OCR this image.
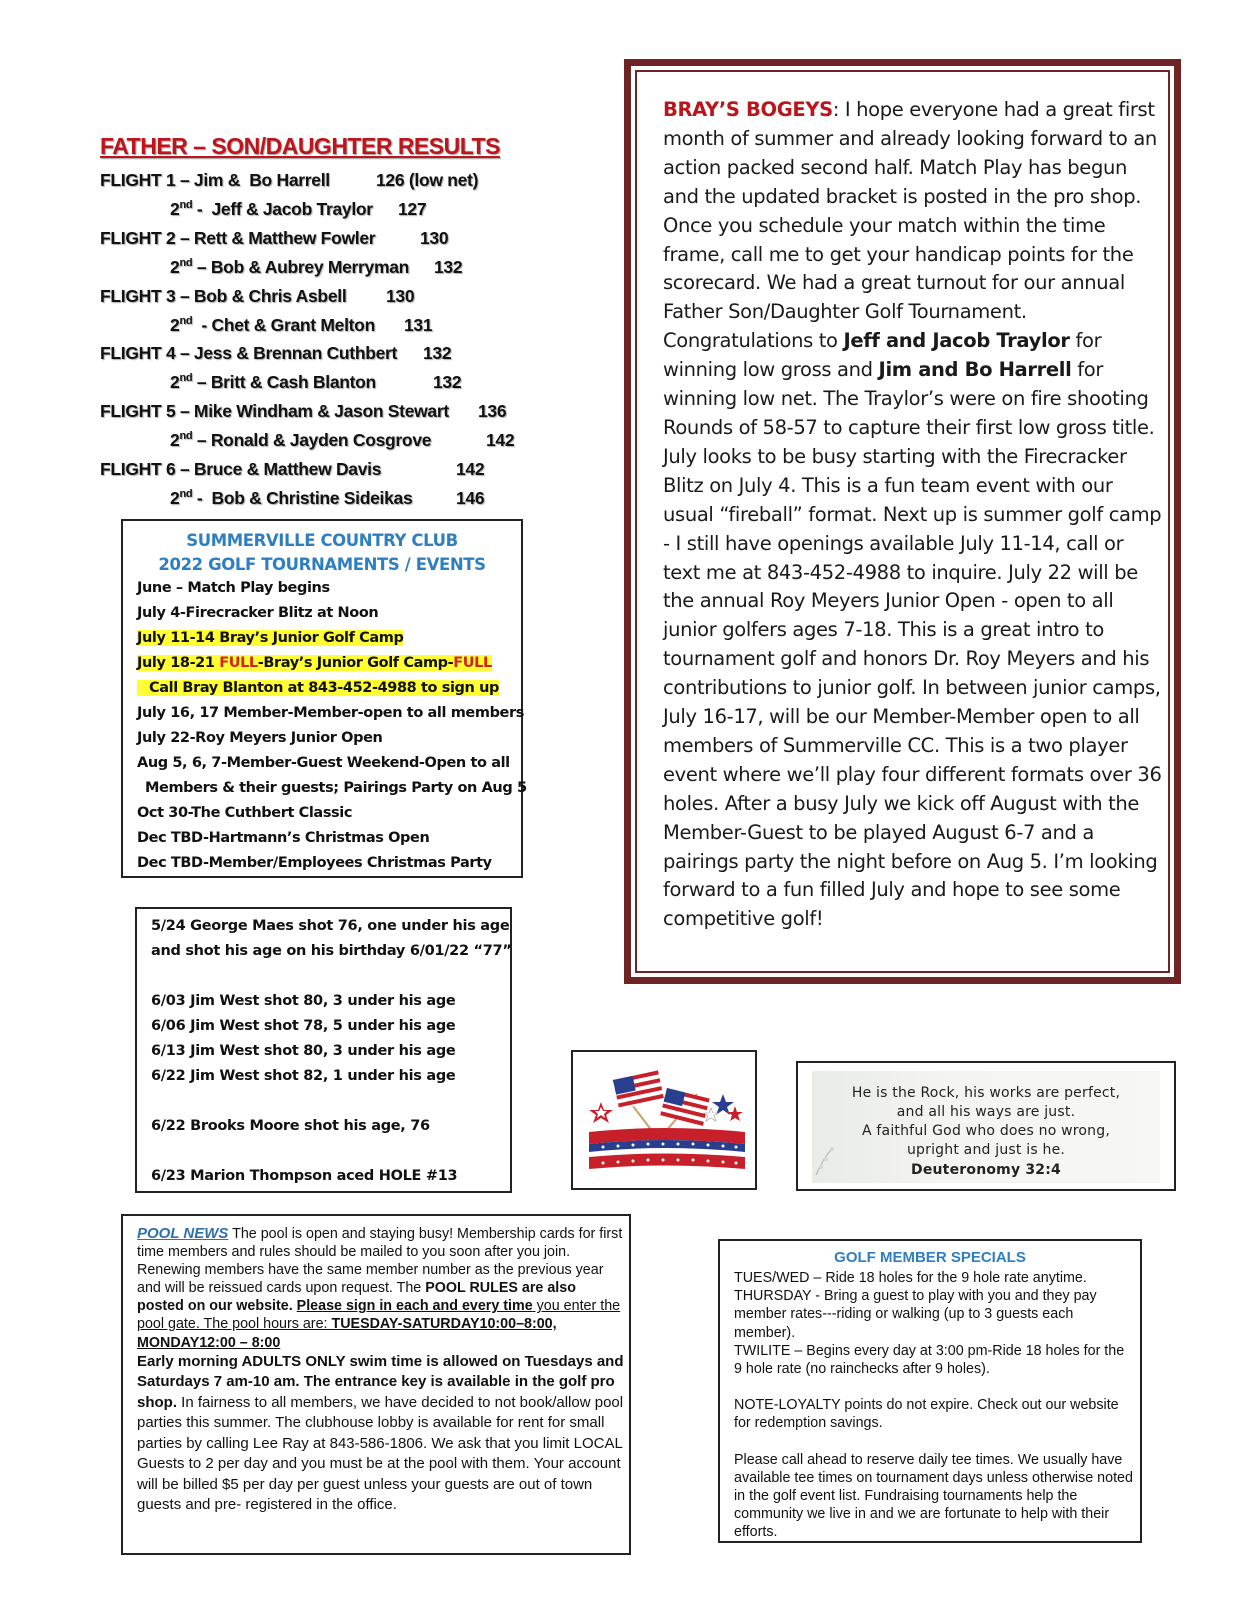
FATHER – SON/DAUGHTER RESULTS
FLIGHT 1 – Jim &  Bo Harrell	126 (low net)
2nd -  Jeff & Jacob Traylor 127
FLIGHT 2 – Rett & Matthew Fowler	130
2nd – Bob & Aubrey Merryman 132
FLIGHT 3 – Bob & Chris Asbell 130
2nd  - Chet & Grant Melton 131
FLIGHT 4 – Jess & Brennan Cuthbert 132
2nd – Britt & Cash Blanton	132
FLIGHT 5 – Mike Windham & Jason Stewart 136
2nd – Ronald & Jayden Cosgrove	142
FLIGHT 6 – Bruce & Matthew Davis	142
2nd -  Bob & Christine Sideikas 146
SUMMERVILLE COUNTRY CLUB
2022 GOLF TOURNAMENTS / EVENTS
June – Match Play begins
July 4-Firecracker Blitz at Noon
July 11-14 Bray’s Junior Golf Camp
July 18-21 FULL-Bray’s Junior Golf Camp-FULL
Call Bray Blanton at 843-452-4988 to sign up
July 16, 17 Member-Member-open to all members
July 22-Roy Meyers Junior Open
Aug 5, 6, 7-Member-Guest Weekend-Open to all
Members & their guests; Pairings Party on Aug 5
Oct 30-The Cuthbert Classic
Dec TBD-Hartmann’s Christmas Open
Dec TBD-Member/Employees Christmas Party
5/24 George Maes shot 76, one under his age
and shot his age on his birthday 6/01/22 “77”
6/03 Jim West shot 80, 3 under his age
6/06 Jim West shot 78, 5 under his age
6/13 Jim West shot 80, 3 under his age
6/22 Jim West shot 82, 1 under his age
6/22 Brooks Moore shot his age, 76
6/23 Marion Thompson aced HOLE #13
BRAY’S BOGEYS: I hope everyone had a great first month of summer and already looking forward to an action packed second half. Match Play has begun and the updated bracket is posted in the pro shop. Once you schedule your match within the time frame, call me to get your handicap points for the scorecard. We had a great turnout for our annual Father Son/Daughter Golf Tournament. Congratulations to Jeff and Jacob Traylor for winning low gross and Jim and Bo Harrell for winning low net. The Traylor’s were on fire shooting Rounds of 58-57 to capture their first low gross title. July looks to be busy starting with the Firecracker Blitz on July 4. This is a fun team event with our usual “fireball” format. Next up is summer golf camp - I still have openings available July 11-14, call or text me at 843-452-4988 to inquire. July 22 will be the annual Roy Meyers Junior Open - open to all junior golfers ages 7-18. This is a great intro to tournament golf and honors Dr. Roy Meyers and his contributions to junior golf. In between junior camps, July 16-17, will be our Member-Member open to all members of Summerville CC. This is a two player event where we’ll play four different formats over 36 holes. After a busy July we kick off August with the Member-Guest to be played August 6-7 and a pairings party the night before on Aug 5. I’m looking forward to a fun filled July and hope to see some competitive golf!
He is the Rock, his works are perfect,
and all his ways are just.
A faithful God who does no wrong,
upright and just is he.
Deuteronomy 32:4
POOL NEWS The pool is open and staying busy! Membership cards for first time members and rules should be mailed to you soon after you join. Renewing members have the same member number as the previous year and will be reissued cards upon request. The POOL RULES are also posted on our website. Please sign in each and every time you enter the pool gate. The pool hours are: TUESDAY-SATURDAY10:00–8:00, MONDAY12:00 – 8:00
Early morning ADULTS ONLY swim time is allowed on Tuesdays and Saturdays 7 am-10 am. The entrance key is available in the golf pro shop. In fairness to all members, we have decided to not book/allow pool parties this summer. The clubhouse lobby is available for rent for small parties by calling Lee Ray at 843-586-1806. We ask that you limit LOCAL Guests to 2 per day and you must be at the pool with them. Your account will be billed $5 per day per guest unless your guests are out of town guests and pre- registered in the office.
GOLF MEMBER SPECIALS
TUES/WED – Ride 18 holes for the 9 hole rate anytime.
THURSDAY - Bring a guest to play with you and they pay member rates---riding or walking (up to 3 guests each member).
TWILITE – Begins every day at 3:00 pm-Ride 18 holes for the 9 hole rate (no rainchecks after 9 holes).
NOTE-LOYALTY points do not expire. Check out our website for redemption savings.
Please call ahead to reserve daily tee times. We usually have available tee times on tournament days unless otherwise noted in the golf event list. Fundraising tournaments help the community we live in and we are fortunate to help with their efforts.
